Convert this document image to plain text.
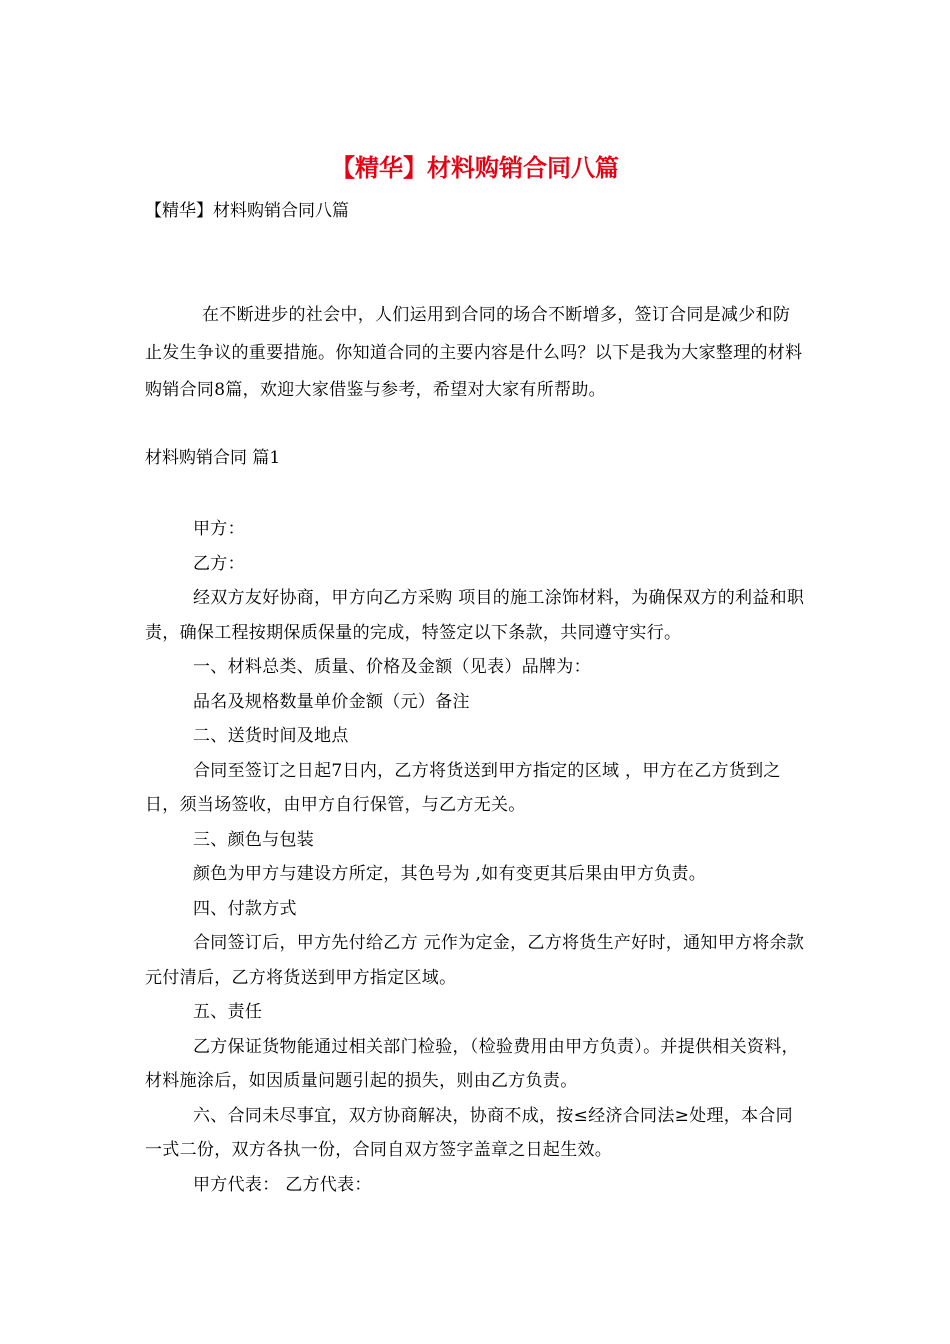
【精华】材料购销合同八篇
【精华】材料购销合同八篇
在不断进步的社会中，人们运用到合同的场合不断增多，签订合同是减少和防止发生争议的重要措施。你知道合同的主要内容是什么吗？以下是我为大家整理的材料购销合同8篇，欢迎大家借鉴与参考，希望对大家有所帮助。
材料购销合同 篇1

甲方：

乙方：

经双方友好协商，甲方向乙方采购 项目的施工涂饰材料，为确保双方的利益和职责，确保工程按期保质保量的完成，特签定以下条款，共同遵守实行。

一、材料总类、质量、价格及金额（见表）品牌为：

品名及规格数量单价金额（元）备注

二、送货时间及地点

合同至签订之日起7日内，乙方将货送到甲方指定的区域 ，甲方在乙方货到之日，须当场签收，由甲方自行保管，与乙方无关。

三、颜色与包装

颜色为甲方与建设方所定，其色号为 ,如有变更其后果由甲方负责。

四、付款方式

合同签订后，甲方先付给乙方 元作为定金，乙方将货生产好时，通知甲方将余款 元付清后，乙方将货送到甲方指定区域。

五、责任

乙方保证货物能通过相关部门检验，（检验费用由甲方负责）。并提供相关资料，材料施涂后，如因质量问题引起的损失，则由乙方负责。

六、合同未尽事宜，双方协商解决，协商不成，按≤经济合同法≥处理，本合同一式二份，双方各执一份，合同自双方签字盖章之日起生效。

甲方代表： 乙方代表：
